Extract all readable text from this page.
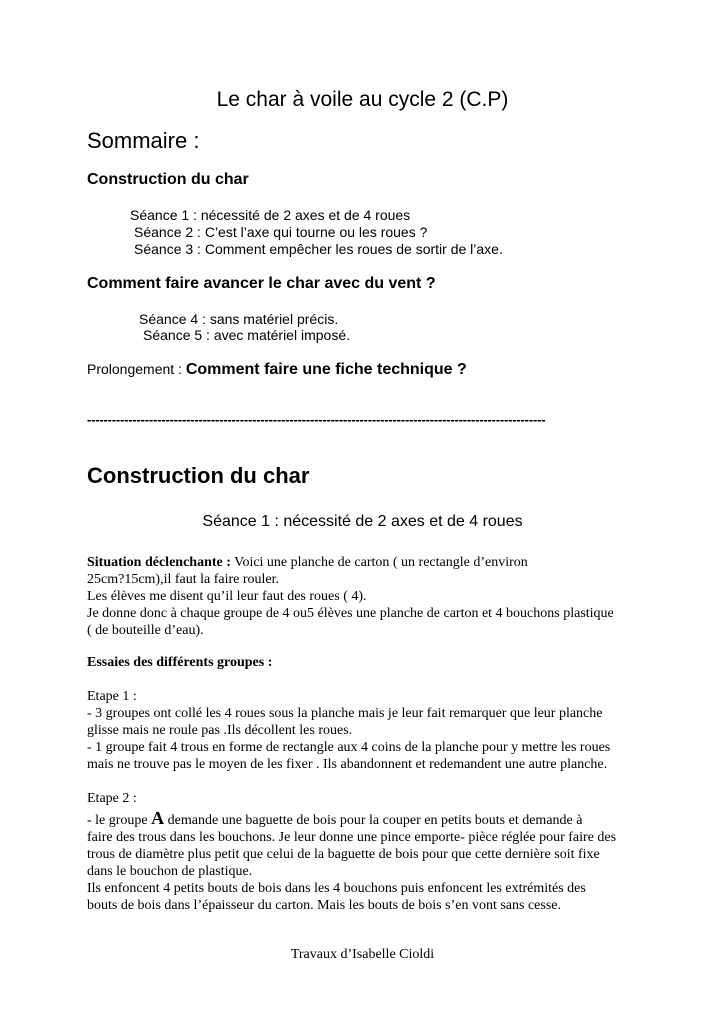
Le char à voile au cycle 2 (C.P)
Sommaire :
Construction du char
Séance 1 : nécessité de 2 axes et de 4 roues
Séance 2 : C’est l’axe qui tourne ou les roues ?
Séance 3 : Comment empêcher les roues de sortir de l’axe.
Comment faire avancer le char avec du vent ?
Séance 4 : sans matériel précis.
Séance 5 : avec matériel imposé.
Prolongement : Comment faire une fiche technique ?
---------------------------------------------------------------------------------------------------------------
Construction du char
Séance 1 : nécessité de 2 axes et de 4 roues
Situation déclenchante : Voici une planche de carton ( un rectangle d’environ
25cm?15cm),il faut la faire rouler.
Les élèves me disent qu’il leur faut des roues ( 4).
Je donne donc à chaque groupe de 4 ou5 élèves une planche de carton et 4 bouchons plastique
( de bouteille d’eau).
Essaies des différents groupes :
Etape 1 :
- 3 groupes ont collé les 4 roues sous la planche mais je leur fait remarquer que leur planche
glisse mais ne roule pas .Ils décollent les roues.
- 1 groupe fait 4 trous en forme de rectangle aux 4 coins de la planche pour y mettre les roues
mais ne trouve pas le moyen de les fixer . Ils abandonnent et redemandent une autre planche.
Etape 2 :
- le groupe A demande une baguette de bois pour la couper en petits bouts et demande à
faire des trous dans les bouchons. Je leur donne une pince emporte- pièce réglée pour faire des
trous de diamètre plus petit que celui de la baguette de bois pour que cette dernière soit fixe
dans le bouchon de plastique.
Ils enfoncent 4 petits bouts de bois dans les 4 bouchons puis enfoncent les extrémités des
bouts de bois dans l’épaisseur du carton. Mais les bouts de bois s’en vont sans cesse.
Travaux d’Isabelle Cioldi
